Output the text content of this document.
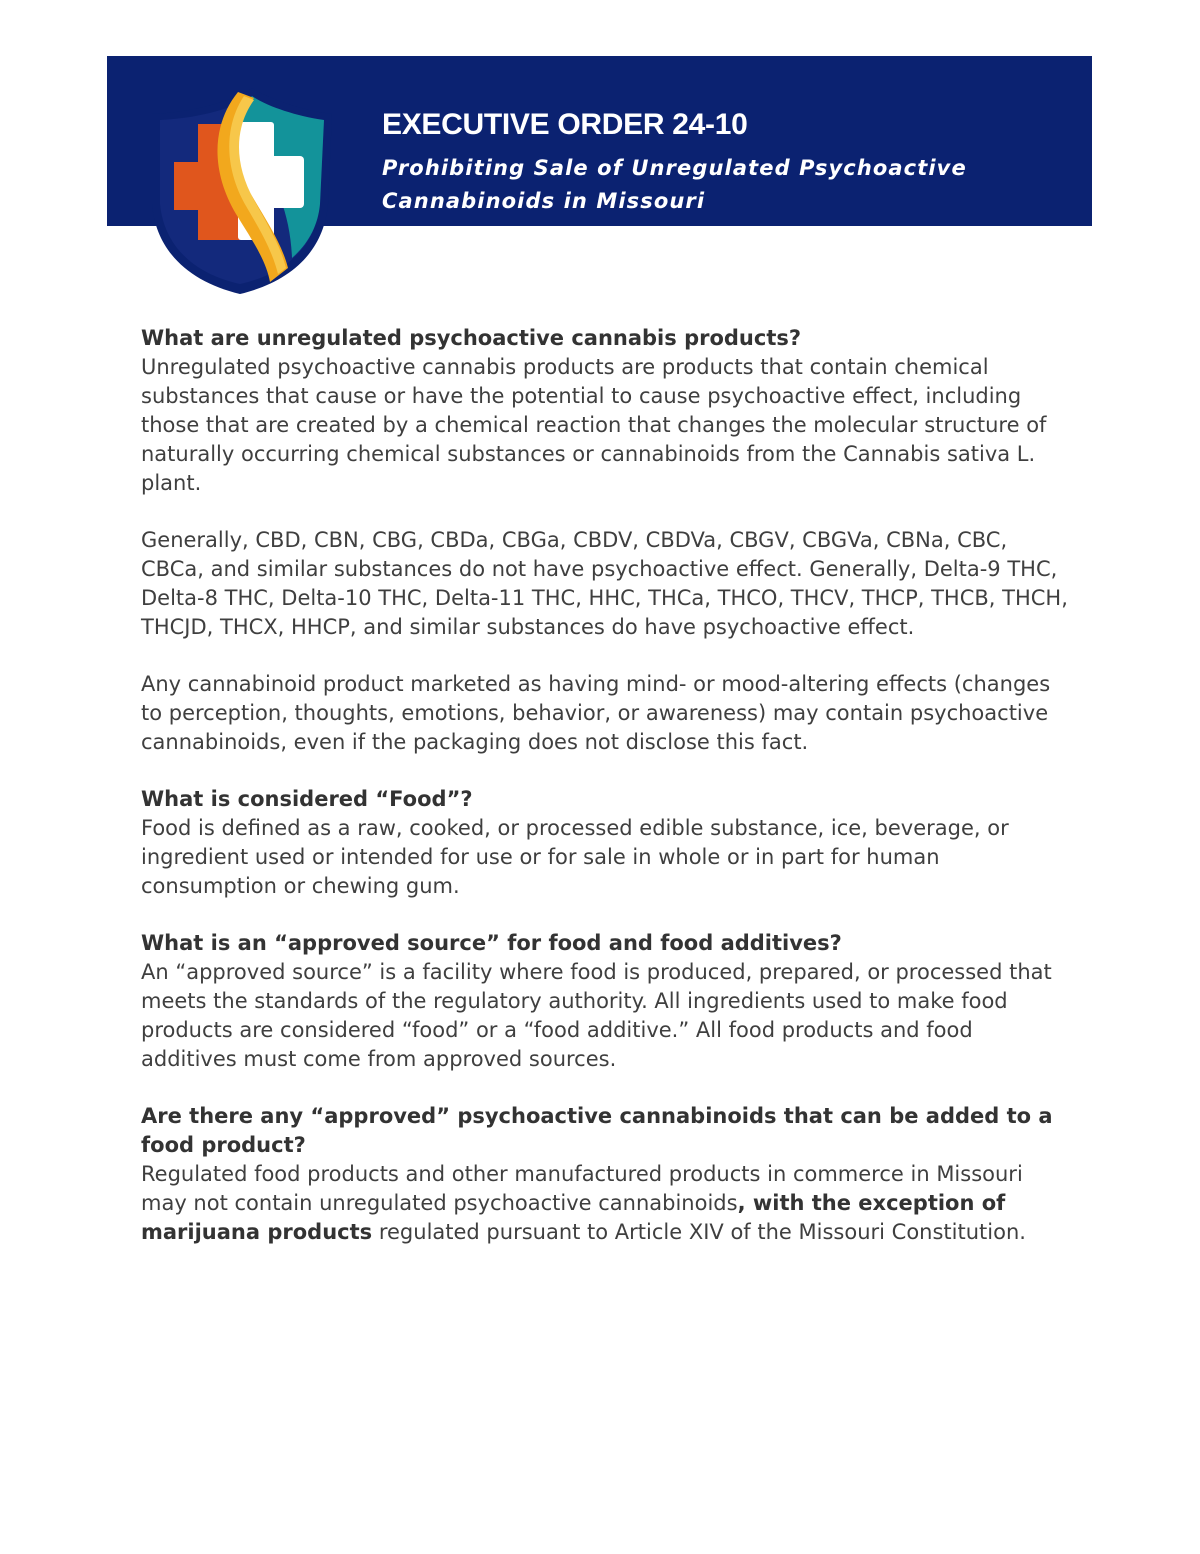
EXECUTIVE ORDER 24-10

Prohibiting Sale of Unregulated Psychoactive
Cannabinoids in Missouri

What are unregulated psychoactive cannabis products?

Unregulated psychoactive cannabis products are products that contain chemical substances that cause or have the potential to cause psychoactive effect, including those that are created by a chemical reaction that changes the molecular structure of naturally occurring chemical substances or cannabinoids from the Cannabis sativa L. plant.

Generally, CBD, CBN, CBG, CBDa, CBGa, CBDV, CBDVa, CBGV, CBGVa, CBNa, CBC, CBCa, and similar substances do not have psychoactive effect. Generally, Delta-9 THC, Delta-8 THC, Delta-10 THC, Delta-11 THC, HHC, THCa, THCO, THCV, THCP, THCB, THCH, THCJD, THCX, HHCP, and similar substances do have psychoactive effect.

Any cannabinoid product marketed as having mind- or mood-altering effects (changes to perception, thoughts, emotions, behavior, or awareness) may contain psychoactive cannabinoids, even if the packaging does not disclose this fact.

What is considered “Food”?

Food is defined as a raw, cooked, or processed edible substance, ice, beverage, or ingredient used or intended for use or for sale in whole or in part for human consumption or chewing gum.

What is an “approved source” for food and food additives?

An “approved source” is a facility where food is produced, prepared, or processed that meets the standards of the regulatory authority. All ingredients used to make food products are considered “food” or a “food additive.” All food products and food additives must come from approved sources.

Are there any “approved” psychoactive cannabinoids that can be added to a food product?

Regulated food products and other manufactured products in commerce in Missouri may not contain unregulated psychoactive cannabinoids, with the exception of marijuana products regulated pursuant to Article XIV of the Missouri Constitution.
